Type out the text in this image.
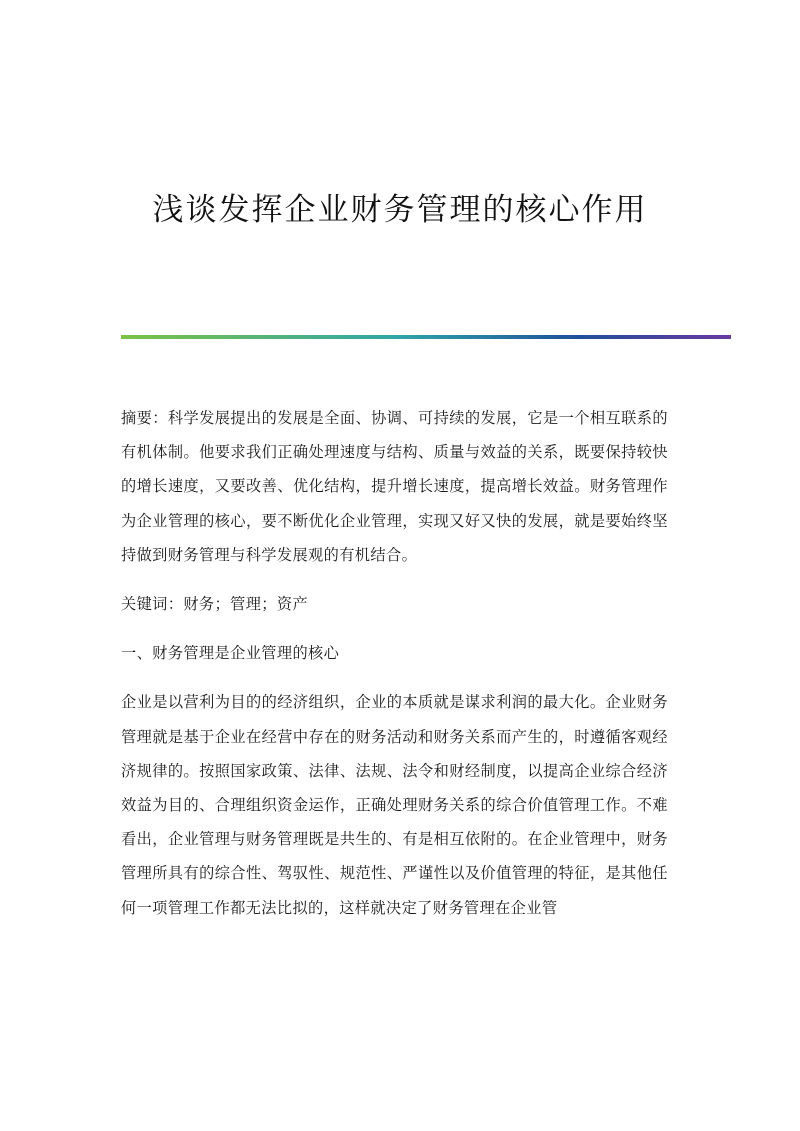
浅谈发挥企业财务管理的核心作用

摘要：科学发展提出的发展是全面、协调、可持续的发展，它是一个相互联系的有机体制。他要求我们正确处理速度与结构、质量与效益的关系，既要保持较快的增长速度，又要改善、优化结构，提升增长速度，提高增长效益。财务管理作为企业管理的核心，要不断优化企业管理，实现又好又快的发展，就是要始终坚持做到财务管理与科学发展观的有机结合。

关键词：财务；管理；资产

一、财务管理是企业管理的核心

企业是以营利为目的的经济组织，企业的本质就是谋求利润的最大化。企业财务管理就是基于企业在经营中存在的财务活动和财务关系而产生的，时遵循客观经济规律的。按照国家政策、法律、法规、法令和财经制度，以提高企业综合经济效益为目的、合理组织资金运作，正确处理财务关系的综合价值管理工作。不难看出，企业管理与财务管理既是共生的、有是相互依附的。在企业管理中，财务管理所具有的综合性、驾驭性、规范性、严谨性以及价值管理的特征，是其他任何一项管理工作都无法比拟的，这样就决定了财务管理在企业管
